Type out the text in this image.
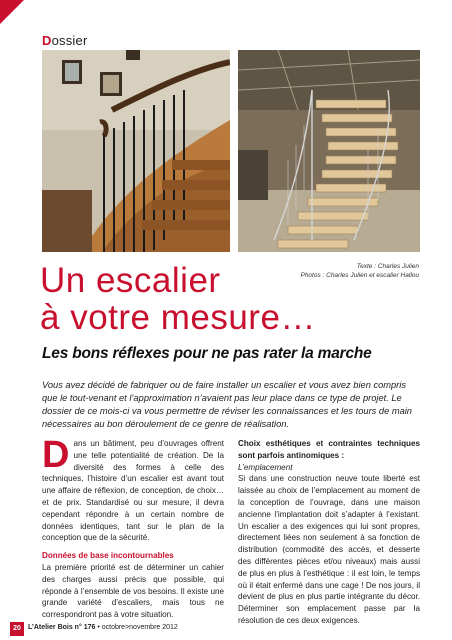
Dossier
Texte : Charles Julien
Photos : Charles Julien et escalier Hallou
Un escalier
à votre mesure…
Les bons réflexes pour ne pas rater la marche

Vous avez décidé de fabriquer ou de faire installer un escalier et vous avez bien compris que le tout-venant et l’approximation n’avaient pas leur place dans ce type de projet. Le dossier de ce mois-ci va vous permettre de réviser les connaissances et les tours de main nécessaires au bon déroulement de ce genre de réalisation.

Dans un bâtiment, peu d’ouvrages offrent une telle potentialité de création. De la diversité des formes à celle des techniques, l’histoire d’un escalier est avant tout une affaire de réflexion, de conception, de choix… et de prix. Standardisé ou sur mesure, il devra cependant répondre à un certain nombre de données identiques, tant sur le plan de la conception que de la sécurité.

Données de base incontournables

La première priorité est de déterminer un cahier des charges aussi précis que possible, qui réponde à l’ensemble de vos besoins. Il existe une grande variété d’escaliers, mais tous ne correspondront pas à votre situation.

Choix esthétiques et contraintes techniques sont parfois antinomiques :
L’emplacement

Si dans une construction neuve toute liberté est laissée au choix de l’emplacement au moment de la conception de l’ouvrage, dans une maison ancienne l’implantation doit s’adapter à l’existant. Un escalier a des exigences qui lui sont propres, directement liées non seulement à sa fonction de distribution (commodité des accès, et desserte des différentes pièces et/ou niveaux) mais aussi de plus en plus à l’esthétique : il est loin, le temps où il était enfermé dans une cage ! De nos jours, il devient de plus en plus partie intégrante du décor. Déterminer son emplacement passe par la résolution de ces deux exigences.

20	L’Atelier Bois n° 176 • octobre>novembre 2012
